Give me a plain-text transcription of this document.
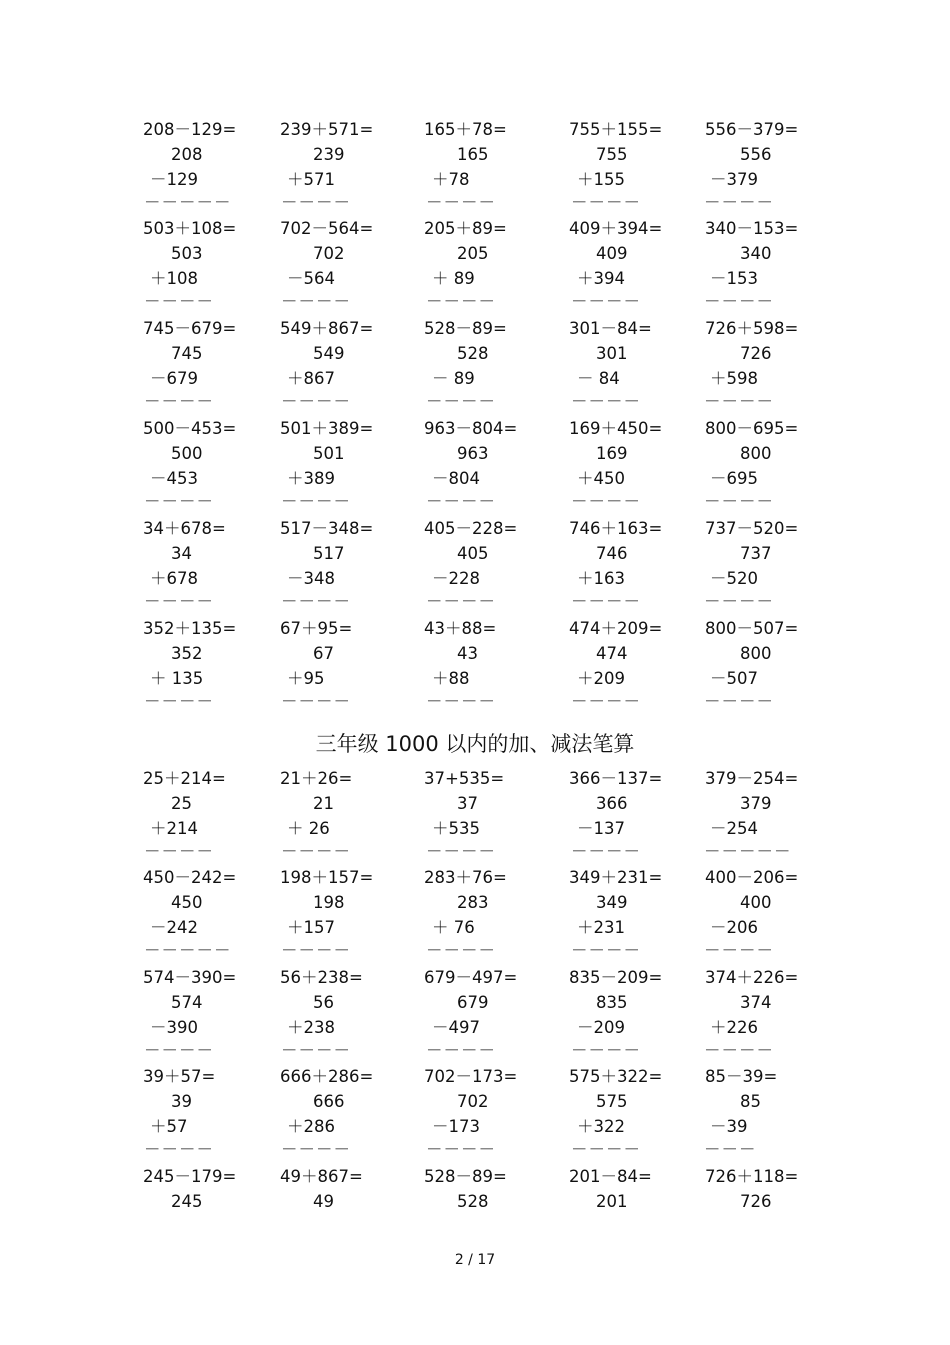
208－129=
208
－129
－－－－－
239＋571=
239
＋571
－－－－
165＋78=
165
＋78
－－－－
755＋155=
755
＋155
－－－－
556－379=
556
－379
－－－－
503＋108=
503
＋108
－－－－
702－564=
702
－564
－－－－
205＋89=
205
＋ 89
－－－－
409＋394=
409
＋394
－－－－
340－153=
340
－153
－－－－
745－679=
745
－679
－－－－
549＋867=
549
＋867
－－－－
528－89=
528
－ 89
－－－－
301－84=
301
－ 84
－－－－
726＋598=
726
＋598
－－－－
500－453=
500
－453
－－－－
501＋389=
501
＋389
－－－－
963－804=
963
－804
－－－－
169＋450=
169
＋450
－－－－
800－695=
800
－695
－－－－
34＋678=
34
＋678
－－－－
517－348=
517
－348
－－－－
405－228=
405
－228
－－－－
746＋163=
746
＋163
－－－－
737－520=
737
－520
－－－－
352＋135=
352
＋ 135
－－－－
67＋95=
67
＋95
－－－－
43＋88=
43
＋88
－－－－
474＋209=
474
＋209
－－－－
800－507=
800
－507
－－－－
三年级 1000 以内的加、减法笔算
25＋214=
25
＋214
－－－－
21＋26=
21
＋ 26
－－－－
37+535=
37
＋535
－－－－
366－137=
366
－137
－－－－
379－254=
379
－254
－－－－－
450－242=
450
－242
－－－－－
198＋157=
198
＋157
－－－－
283＋76=
283
＋ 76
－－－－
349＋231=
349
＋231
－－－－
400－206=
400
－206
－－－－
574－390=
574
－390
－－－－
56＋238=
56
＋238
－－－－
679－497=
679
－497
－－－－
835－209=
835
－209
－－－－
374＋226=
374
＋226
－－－－
39＋57=
39
＋57
－－－－
666＋286=
666
＋286
－－－－
702－173=
702
－173
－－－－
575＋322=
575
＋322
－－－－
85－39=
85
－39
－－－
245－179=
245
49＋867=
49
528－89=
528
201－84=
201
726＋118=
726
2 / 17
